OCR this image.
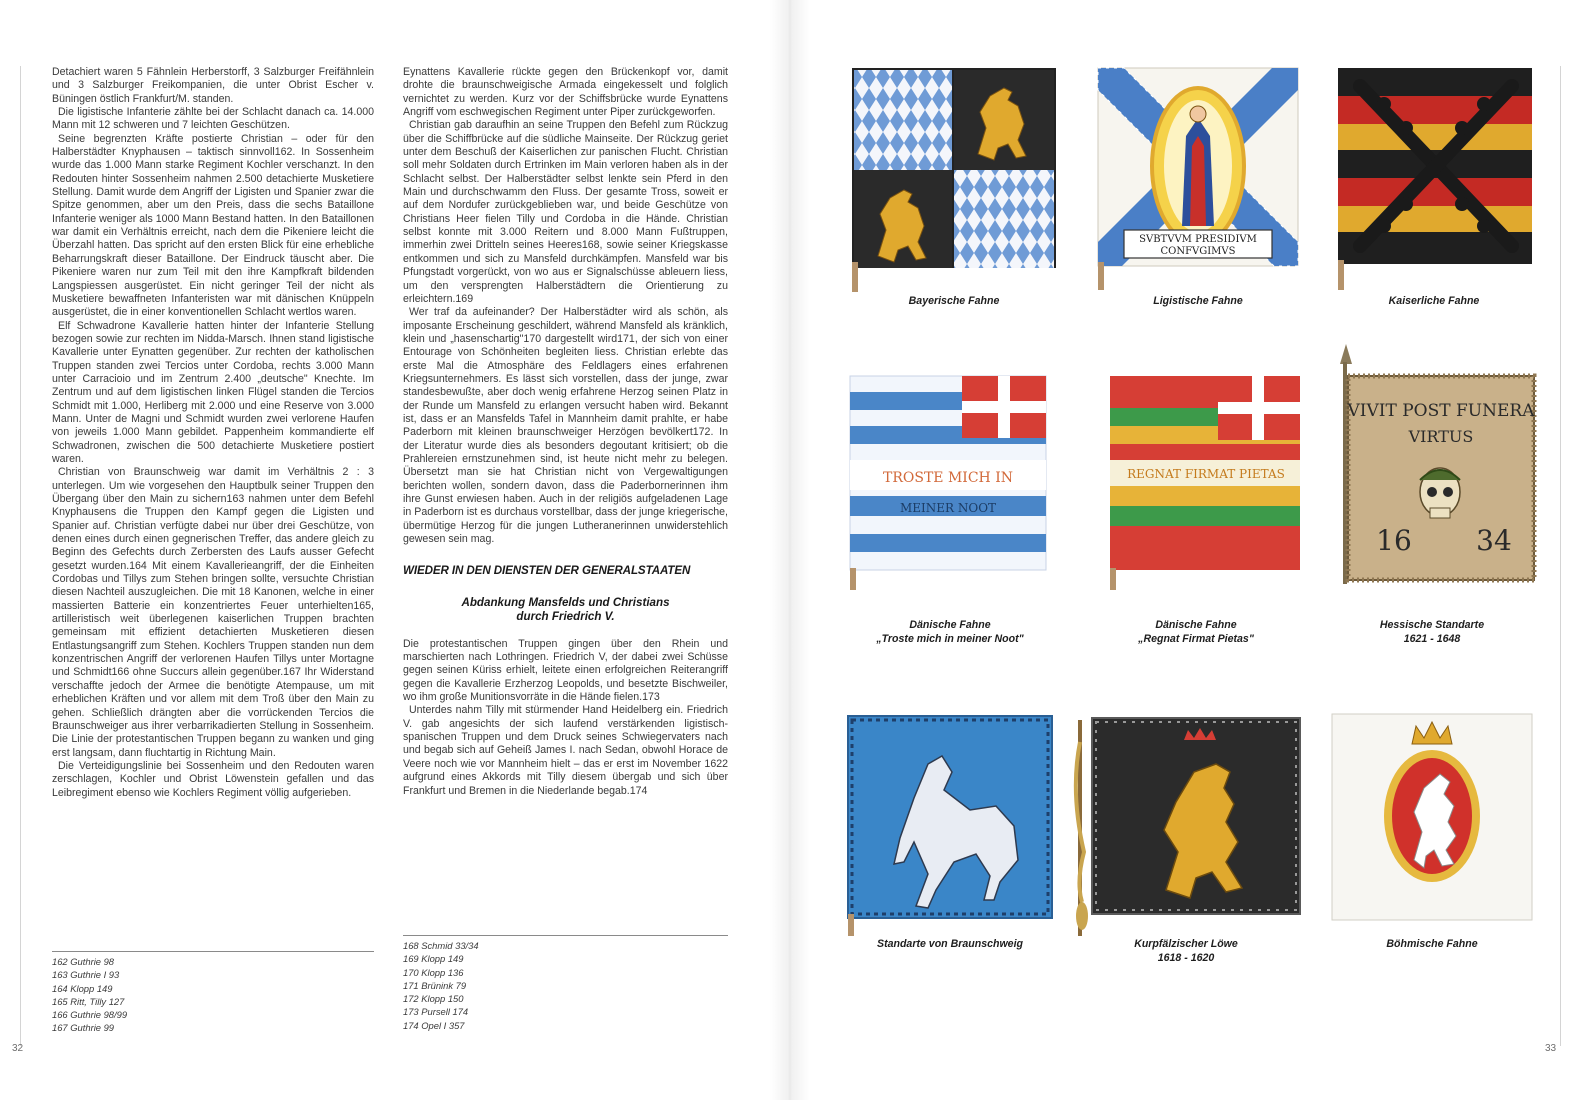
Detachiert waren 5 Fähnlein Herberstorff, 3 Salzburger Freifähnlein und 3 Salzburger Freikompanien, die unter Obrist Escher v. Büningen östlich Frankfurt/M. standen.

Die ligistische Infanterie zählte bei der Schlacht danach ca. 14.000 Mann mit 12 schweren und 7 leichten Geschützen.

Seine begrenzten Kräfte postierte Christian – oder für den Halberstädter Knyphausen – taktisch sinnvoll162. In Sossenheim wurde das 1.000 Mann starke Regiment Kochler verschanzt. In den Redouten hinter Sossenheim nahmen 2.500 detachierte Musketiere Stellung. Damit wurde dem Angriff der Ligisten und Spanier zwar die Spitze genommen, aber um den Preis, dass die sechs Bataillone Infanterie weniger als 1000 Mann Bestand hatten. In den Bataillonen war damit ein Verhältnis erreicht, nach dem die Pikeniere leicht die Überzahl hatten. Das spricht auf den ersten Blick für eine erhebliche Beharrungskraft dieser Bataillone. Der Eindruck täuscht aber. Die Pikeniere waren nur zum Teil mit den ihre Kampfkraft bildenden Langspiessen ausgerüstet. Ein nicht geringer Teil der nicht als Musketiere bewaffneten Infanteristen war mit dänischen Knüppeln ausgerüstet, die in einer konventionellen Schlacht wertlos waren.

Elf Schwadrone Kavallerie hatten hinter der Infanterie Stellung bezogen sowie zur rechten im Nidda-Marsch. Ihnen stand ligistische Kavallerie unter Eynatten gegenüber. Zur rechten der katholischen Truppen standen zwei Tercios unter Cordoba, rechts 3.000 Mann unter Carracioio und im Zentrum 2.400 „deutsche" Knechte. Im Zentrum und auf dem ligistischen linken Flügel standen die Tercios Schmidt mit 1.000, Herliberg mit 2.000 und eine Reserve von 3.000 Mann. Unter de Magni und Schmidt wurden zwei verlorene Haufen von jeweils 1.000 Mann gebildet. Pappenheim kommandierte elf Schwadronen, zwischen die 500 detachierte Musketiere postiert waren.

Christian von Braunschweig war damit im Verhältnis 2 : 3 unterlegen. Um wie vorgesehen den Hauptbulk seiner Truppen den Übergang über den Main zu sichern163 nahmen unter dem Befehl Knyphausens die Truppen den Kampf gegen die Ligisten und Spanier auf. Christian verfügte dabei nur über drei Geschütze, von denen eines durch einen gegnerischen Treffer, das andere gleich zu Beginn des Gefechts durch Zerbersten des Laufs ausser Gefecht gesetzt wurden.164 Mit einem Kavallerieangriff, der die Einheiten Cordobas und Tillys zum Stehen bringen sollte, versuchte Christian diesen Nachteil auszugleichen. Die mit 18 Kanonen, welche in einer massierten Batterie ein konzentriertes Feuer unterhielten165, artilleristisch weit überlegenen kaiserlichen Truppen brachten gemeinsam mit effizient detachierten Musketieren diesen Entlastungsangriff zum Stehen. Kochlers Truppen standen nun dem konzentrischen Angriff der verlorenen Haufen Tillys unter Mortagne und Schmidt166 ohne Succurs allein gegenüber.167 Ihr Widerstand verschaffte jedoch der Armee die benötigte Atempause, um mit erheblichen Kräften und vor allem mit dem Troß über den Main zu gehen. Schließlich drängten aber die vorrückenden Tercios die Braunschweiger aus ihrer verbarrikadierten Stellung in Sossenheim. Die Linie der protestantischen Truppen begann zu wanken und ging erst langsam, dann fluchtartig in Richtung Main.

Die Verteidigungslinie bei Sossenheim und den Redouten waren zerschlagen, Kochler und Obrist Löwenstein gefallen und das Leibregiment ebenso wie Kochlers Regiment völlig aufgerieben.

162 Guthrie 98
163 Guthrie I 93
164 Klopp 149
165 Ritt, Tilly 127
166 Guthrie 98/99
167 Guthrie 99

Eynattens Kavallerie rückte gegen den Brückenkopf vor, damit drohte die braunschweigische Armada eingekesselt und folglich vernichtet zu werden. Kurz vor der Schiffsbrücke wurde Eynattens Angriff vom eschwegischen Regiment unter Piper zurückgeworfen.

Christian gab daraufhin an seine Truppen den Befehl zum Rückzug über die Schiffbrücke auf die südliche Mainseite. Der Rückzug geriet unter dem Beschuß der Kaiserlichen zur panischen Flucht. Christian soll mehr Soldaten durch Ertrinken im Main verloren haben als in der Schlacht selbst. Der Halberstädter selbst lenkte sein Pferd in den Main und durchschwamm den Fluss. Der gesamte Tross, soweit er auf dem Nordufer zurückgeblieben war, und beide Geschütze von Christians Heer fielen Tilly und Cordoba in die Hände. Christian selbst konnte mit 3.000 Reitern und 8.000 Mann Fußtruppen, immerhin zwei Dritteln seines Heeres168, sowie seiner Kriegskasse entkommen und sich zu Mansfeld durchkämpfen. Mansfeld war bis Pfungstadt vorgerückt, von wo aus er Signalschüsse ableuern liess, um den versprengten Halberstädtern die Orientierung zu erleichtern.169

Wer traf da aufeinander? Der Halberstädter wird als schön, als imposante Erscheinung geschildert, während Mansfeld als kränklich, klein und „hasenschartig"170 dargestellt wird171, der sich von einer Entourage von Schönheiten begleiten liess. Christian erlebte das erste Mal die Atmosphäre des Feldlagers eines erfahrenen Kriegsunternehmers. Es lässt sich vorstellen, dass der junge, zwar standesbewußte, aber doch wenig erfahrene Herzog seinen Platz in der Runde um Mansfeld zu erlangen versucht haben wird. Bekannt ist, dass er an Mansfelds Tafel in Mannheim damit prahlte, er habe Paderborn mit kleinen braunschweiger Herzögen bevölkert172. In der Literatur wurde dies als besonders degoutant kritisiert; ob die Prahlereien ernstzunehmen sind, ist heute nicht mehr zu belegen. Übersetzt man sie hat Christian nicht von Vergewaltigungen berichten wollen, sondern davon, dass die Paderbornerinnen ihm ihre Gunst erwiesen haben. Auch in der religiös aufgeladenen Lage in Paderborn ist es durchaus vorstellbar, dass der junge kriegerische, übermütige Herzog für die jungen Lutheranerinnen unwiderstehlich gewesen sein mag.

WIEDER IN DEN DIENSTEN DER GENERALSTAATEN
Abdankung Mansfelds und Christians
durch Friedrich V.

Die protestantischen Truppen gingen über den Rhein und marschierten nach Lothringen. Friedrich V, der dabei zwei Schüsse gegen seinen Küriss erhielt, leitete einen erfolgreichen Reiterangriff gegen die Kavallerie Erzherzog Leopolds, und besetzte Bischweiler, wo ihm große Munitionsvorräte in die Hände fielen.173

Unterdes nahm Tilly mit stürmender Hand Heidelberg ein. Friedrich V. gab angesichts der sich laufend verstärkenden ligistisch-spanischen Truppen und dem Druck seines Schwiegervaters nach und begab sich auf Geheiß James I. nach Sedan, obwohl Horace de Veere noch wie vor Mannheim hielt – das er erst im November 1622 aufgrund eines Akkords mit Tilly diesem übergab und sich über Frankfurt und Bremen in die Niederlande begab.174

168 Schmid 33/34
169 Klopp 149
170 Klopp 136
171 Brünink 79
172 Klopp 150
173 Pursell 174
174 Opel I 357
32	33
Bayerische Fahne
SVBTVVM PRESIDIVM
CONFVGIMVS
Ligistische Fahne	Kaiserliche Fahne
TROSTE MICH IN
MEINER NOOT
Dänische Fahne
„Troste mich in meiner Noot"
REGNAT FIRMAT PIETAS
Dänische Fahne
„Regnat Firmat Pietas"
VIVIT POST FUNERA
VIRTUS
16 34
Hessische Standarte
1621 - 1648
Standarte von Braunschweig	Kurpfälzischer Löwe
1618 - 1620
Böhmische Fahne
